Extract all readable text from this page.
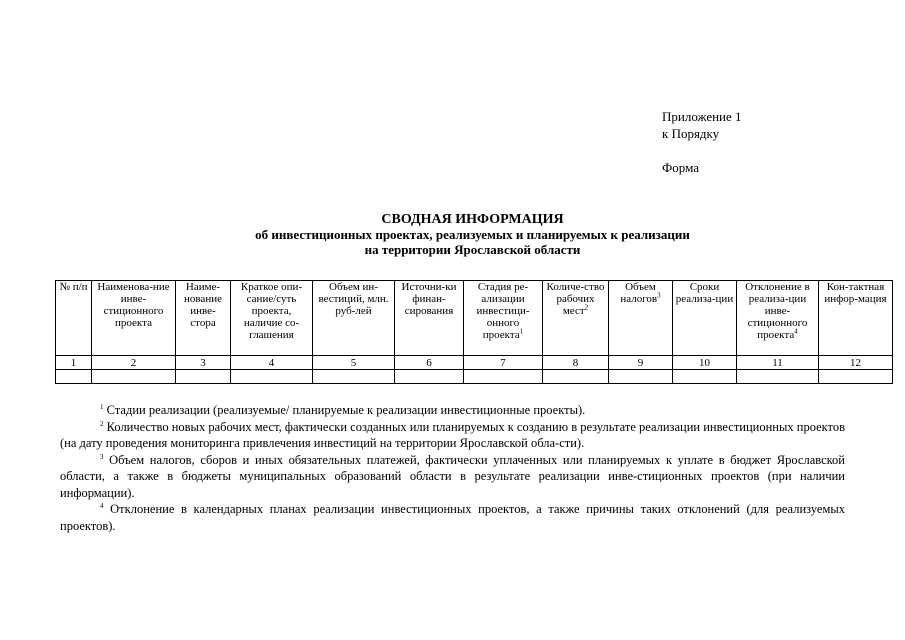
Приложение 1
к Порядку
Форма
СВОДНАЯ ИНФОРМАЦИЯ
об инвестиционных проектах, реализуемых и планируемых к реализации
на территории Ярославской области
№ п/п	Наименова-ние инве-стиционного проекта	Наиме-нование инве-стора	Краткое опи-сание/суть проекта, наличие со-глашения	Объем ин-вестиций, млн. руб-лей	Источни-ки финан-сирования	Стадия ре-ализации инвестици-онного проекта$^1$	Количе-ство рабочих мест$^2$	Объем налогов$^3$	Сроки реализа-ции	Отклонение в реализа-ции инве-стиционного проекта$^4$	Кон-тактная инфор-мация
1	2	3	4	5	6	7	8	9	10	11	12

$^1$ Стадии реализации (реализуемые/ планируемые к реализации инвестиционные проекты).

$^2$ Количество новых рабочих мест, фактически созданных или планируемых к созданию в результате реализации инвестиционных проектов (на дату проведения мониторинга привлечения инвестиций на территории Ярославской обла-сти).

$^3$ Объем налогов, сборов и иных обязательных платежей, фактически уплаченных или планируемых к уплате в бюджет Ярославской области, а также в бюджеты муниципальных образований области в результате реализации инве-стиционных проектов (при наличии информации).

$^4$ Отклонение в календарных планах реализации инвестиционных проектов, а также причины таких отклонений (для реализуемых проектов).
